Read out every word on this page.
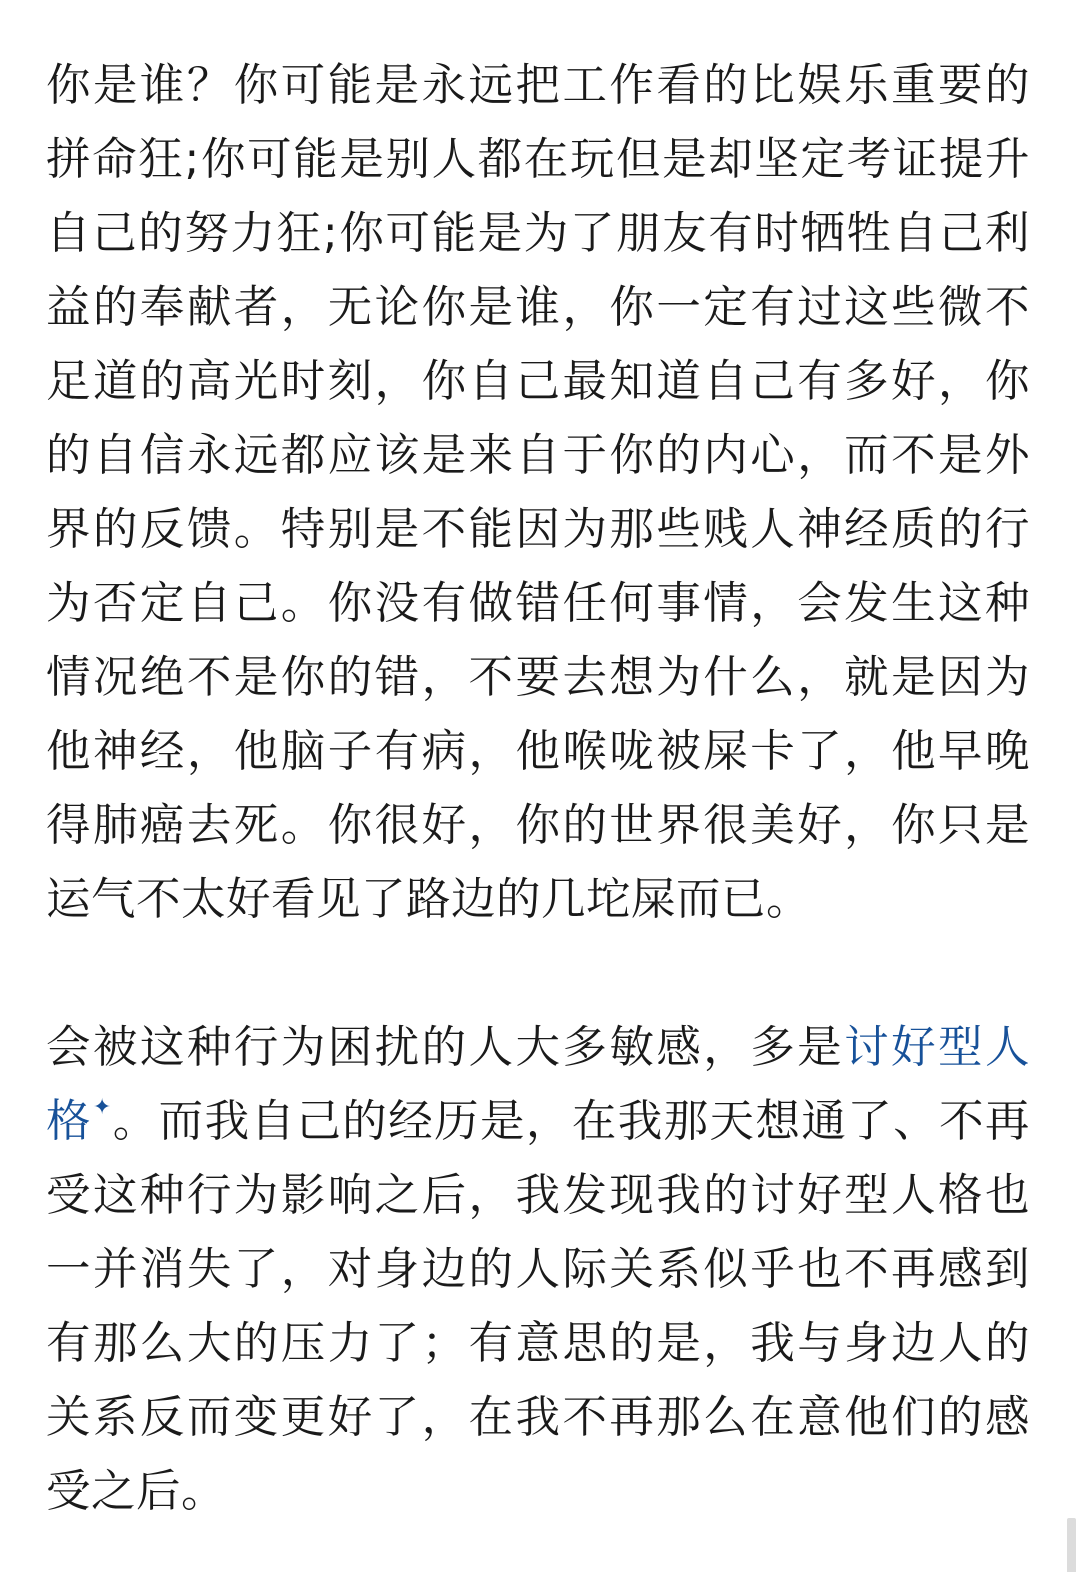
你是谁？你可能是永远把工作看的比娱乐重要的拼命狂;你可能是别人都在玩但是却坚定考证提升自己的努力狂;你可能是为了朋友有时牺牲自己利益的奉献者，无论你是谁，你一定有过这些微不足道的高光时刻，你自己最知道自己有多好，你的自信永远都应该是来自于你的内心，而不是外界的反馈。特别是不能因为那些贱人神经质的行为否定自己。你没有做错任何事情，会发生这种情况绝不是你的错，不要去想为什么，就是因为他神经，他脑子有病，他喉咙被屎卡了，他早晚得肺癌去死。你很好，你的世界很美好，你只是运气不太好看见了路边的几坨屎而已。

会被这种行为困扰的人大多敏感，多是讨好型人格✦。而我自己的经历是，在我那天想通了、不再受这种行为影响之后，我发现我的讨好型人格也一并消失了，对身边的人际关系似乎也不再感到有那么大的压力了；有意思的是，我与身边人的关系反而变更好了，在我不再那么在意他们的感受之后。
